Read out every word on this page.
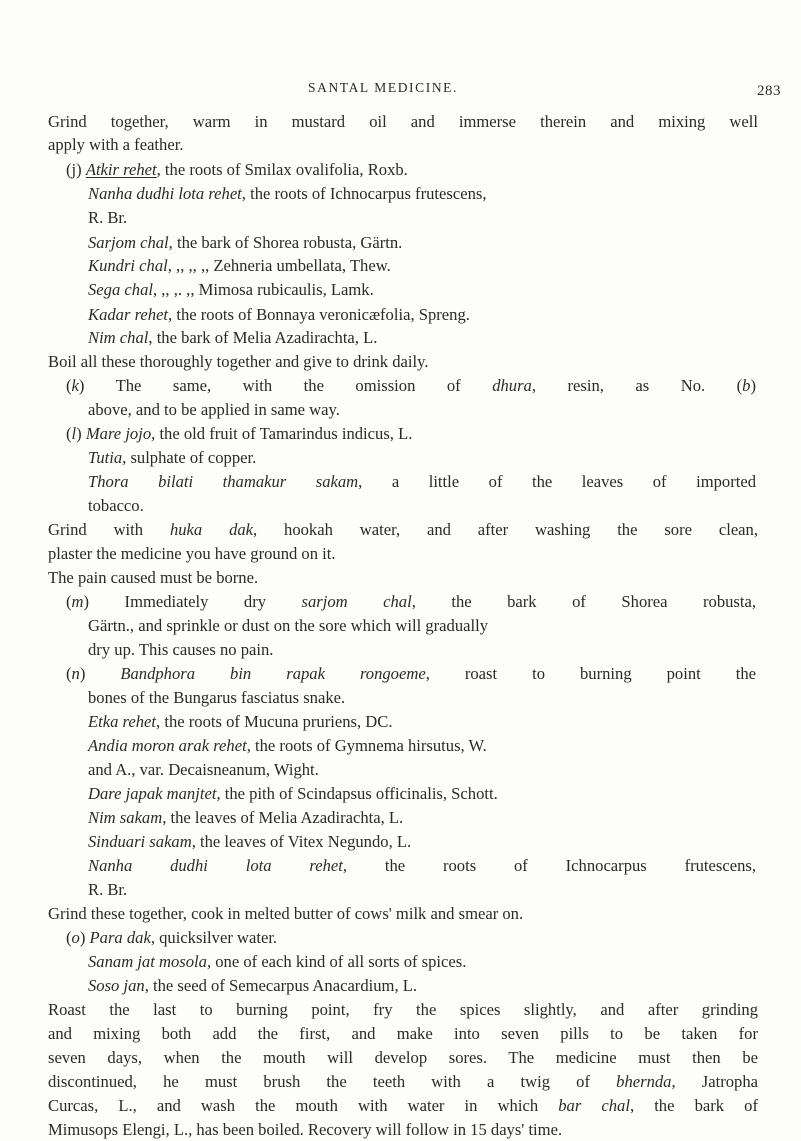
SANTAL MEDICINE.	283
Grind together, warm in mustard oil and immerse therein and mixing well
apply with a feather.
(j) Atkir rehet, the roots of Smilax ovalifolia, Roxb.
Nanha dudhi lota rehet, the roots of Ichnocarpus frutescens,
R. Br.
Sarjom chal, the bark of Shorea robusta, Gärtn.
Kundri chal, ,, ,, ,, Zehneria umbellata, Thew.
Sega chal, ,, ,. ,, Mimosa rubicaulis, Lamk.
Kadar rehet, the roots of Bonnaya veronicæfolia, Spreng.
Nim chal, the bark of Melia Azadirachta, L.
Boil all these thoroughly together and give to drink daily.
(k) The same, with the omission of dhura, resin, as No. (b)
above, and to be applied in same way.
(l) Mare jojo, the old fruit of Tamarindus indicus, L.
Tutia, sulphate of copper.
Thora bilati thamakur sakam, a little of the leaves of imported
tobacco.
Grind with huka dak, hookah water, and after washing the sore clean,
plaster the medicine you have ground on it.
The pain caused must be borne.
(m) Immediately dry sarjom chal, the bark of Shorea robusta,
Gärtn., and sprinkle or dust on the sore which will gradually
dry up. This causes no pain.
(n) Bandphora bin rapak rongoeme, roast to burning point the
bones of the Bungarus fasciatus snake.
Etka rehet, the roots of Mucuna pruriens, DC.
Andia moron arak rehet, the roots of Gymnema hirsutus, W.
and A., var. Decaisneanum, Wight.
Dare japak manjtet, the pith of Scindapsus officinalis, Schott.
Nim sakam, the leaves of Melia Azadirachta, L.
Sinduari sakam, the leaves of Vitex Negundo, L.
Nanha dudhi lota rehet, the roots of Ichnocarpus frutescens,
R. Br.
Grind these together, cook in melted butter of cows' milk and smear on.
(o) Para dak, quicksilver water.
Sanam jat mosola, one of each kind of all sorts of spices.
Soso jan, the seed of Semecarpus Anacardium, L.
Roast the last to burning point, fry the spices slightly, and after grinding
and mixing both add the first, and make into seven pills to be taken for
seven days, when the mouth will develop sores. The medicine must then be
discontinued, he must brush the teeth with a twig of bhernda, Jatropha
Curcas, L., and wash the mouth with water in which bar chal, the bark of
Mimusops Elengi, L., has been boiled. Recovery will follow in 15 days' time.
